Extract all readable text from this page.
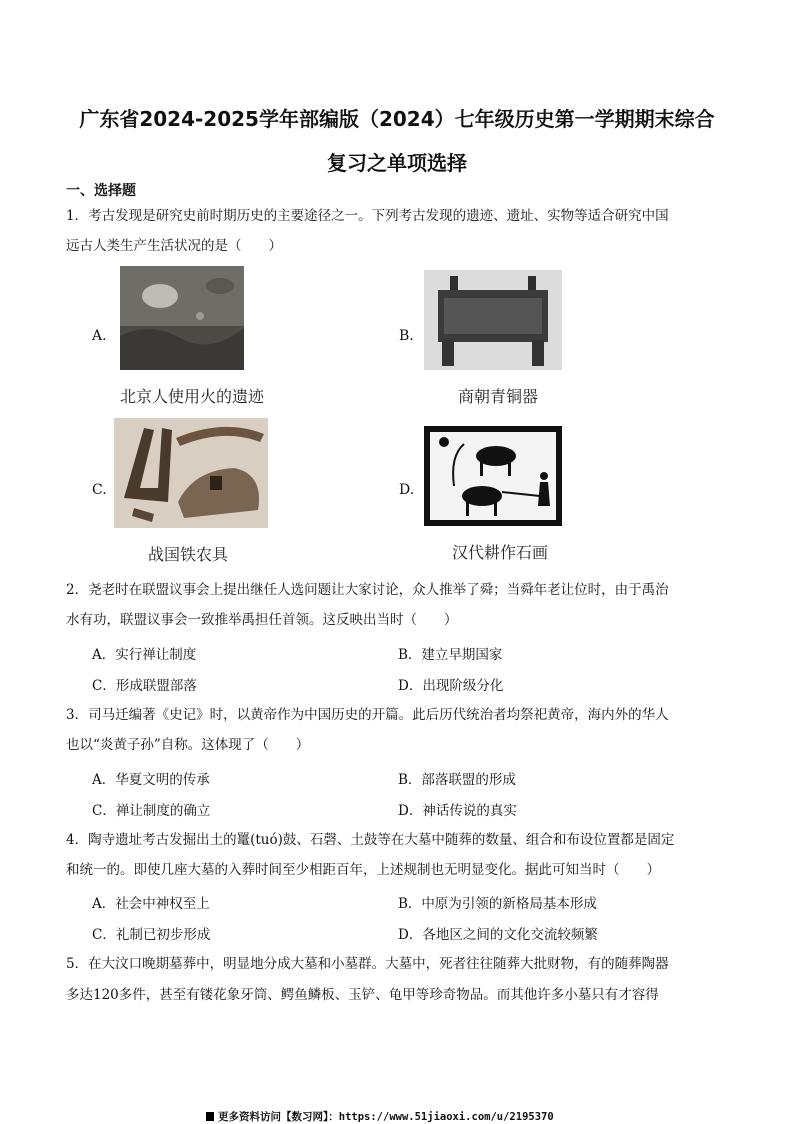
广东省2024-2025学年部编版（2024）七年级历史第一学期期末综合
复习之单项选择
一、选择题
1．考古发现是研究史前时期历史的主要途径之一。下列考古发现的遗迹、遗址、实物等适合研究中国
远古人类生产生活状况的是（　　）
A.
北京人使用火的遗迹
B.
商朝青铜器
C.
战国铁农具
D.
汉代耕作石画
2．尧老时在联盟议事会上提出继任人选问题让大家讨论，众人推举了舜；当舜年老让位时，由于禹治
水有功，联盟议事会一致推举禹担任首领。这反映出当时（　　）
A．实行禅让制度	B．建立早期国家
C．形成联盟部落	D．出现阶级分化
3．司马迁编著《史记》时，以黄帝作为中国历史的开篇。此后历代统治者均祭祀黄帝，海内外的华人
也以“炎黄子孙”自称。这体现了（　　）
A．华夏文明的传承	B．部落联盟的形成
C．禅让制度的确立	D．神话传说的真实
4．陶寺遗址考古发掘出土的鼍(tuó)鼓、石磬、土鼓等在大墓中随葬的数量、组合和布设位置都是固定
和统一的。即使几座大墓的入葬时间至少相距百年，上述规制也无明显变化。据此可知当时（　　）
A．社会中神权至上	B．中原为引领的新格局基本形成
C．礼制已初步形成	D．各地区之间的文化交流较频繁
5．在大汶口晚期墓葬中，明显地分成大墓和小墓群。大墓中，死者往往随葬大批财物，有的随葬陶器
多达120多件，甚至有镂花象牙筒、鳄鱼鳞板、玉铲、龟甲等珍奇物品。而其他许多小墓只有才容得
更多资料访问【数习网】：https://www.51jiaoxi.com/u/2195370
